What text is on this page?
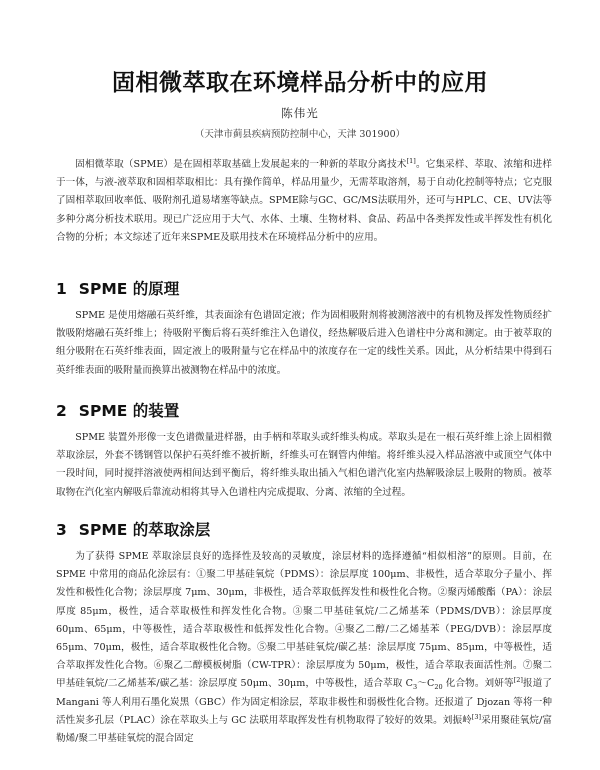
固相微萃取在环境样品分析中的应用
陈伟光
（天津市蓟县疾病预防控制中心，天津 301900）
固相微萃取（SPME）是在固相萃取基础上发展起来的一种新的萃取分离技术[1]。它集采样、萃取、浓缩和进样于一体，与液-液萃取和固相萃取相比：具有操作简单，样品用量少，无需萃取溶剂，易于自动化控制等特点；它克服了固相萃取回收率低、吸附剂孔道易堵塞等缺点。SPME除与GC、GC/MS法联用外，还可与HPLC、CE、UV法等多种分离分析技术联用。现已广泛应用于大气、水体、土壤、生物材料、食品、药品中各类挥发性或半挥发性有机化合物的分析；本文综述了近年来SPME及联用技术在环境样品分析中的应用。
1 SPME 的原理
SPME 是使用熔融石英纤维，其表面涂有色谱固定液；作为固相吸附剂将被测溶液中的有机物及挥发性物质经扩散吸附熔融石英纤维上；待吸附平衡后将石英纤维注入色谱仪，经热解吸后进入色谱柱中分离和测定。由于被萃取的组分吸附在石英纤维表面，固定液上的吸附量与它在样品中的浓度存在一定的线性关系。因此，从分析结果中得到石英纤维表面的吸附量而换算出被测物在样品中的浓度。
2 SPME 的装置
SPME 装置外形像一支色谱微量进样器，由手柄和萃取头或纤维头构成。萃取头是在一根石英纤维上涂上固相微萃取涂层，外套不锈钢管以保护石英纤维不被折断，纤维头可在钢管内伸缩。将纤维头浸入样品溶液中或顶空气体中一段时间，同时搅拌溶液使两相间达到平衡后，将纤维头取出插入气相色谱汽化室内热解吸涂层上吸附的物质。被萃取物在汽化室内解吸后靠流动相将其导入色谱柱内完成提取、分离、浓缩的全过程。
3 SPME 的萃取涂层
为了获得 SPME 萃取涂层良好的选择性及较高的灵敏度，涂层材料的选择遵循“相似相溶”的原则。目前，在 SPME 中常用的商品化涂层有：①聚二甲基硅氧烷（PDMS）：涂层厚度 100μm、非极性，适合萃取分子量小、挥发性和极性化合物；涂层厚度 7μm、30μm，非极性，适合萃取低挥发性和极性化合物。②聚丙烯酸酯（PA）：涂层厚度 85μm，极性，适合萃取极性和挥发性化合物。③聚二甲基硅氧烷/二乙烯基苯（PDMS/DVB）：涂层厚度 60μm、65μm，中等极性，适合萃取极性和低挥发性化合物。④聚乙二醇/二乙烯基苯（PEG/DVB）：涂层厚度 65μm、70μm，极性，适合萃取极性化合物。⑤聚二甲基硅氧烷/碳乙基：涂层厚度 75μm、85μm，中等极性，适合萃取挥发性化合物。⑥聚乙二醇模板树脂（CW-TPR）：涂层厚度为 50μm，极性，适合萃取表面活性剂。⑦聚二甲基硅氧烷/二乙烯基苯/碳乙基：涂层厚度 50μm、30μm，中等极性，适合萃取 $C_3\sim C_{20}$ 化合物。刘妍等[2]报道了 Mangani 等人利用石墨化炭黑（GBC）作为固定相涂层，萃取非极性和弱极性化合物。还报道了 Djozan 等将一种活性炭多孔层（PLAC）涂在萃取头上与 GC 法联用萃取挥发性有机物取得了较好的效果。刘振岭[3]采用聚硅氧烷/富勒烯/聚二甲基硅氧烷的混合固定
